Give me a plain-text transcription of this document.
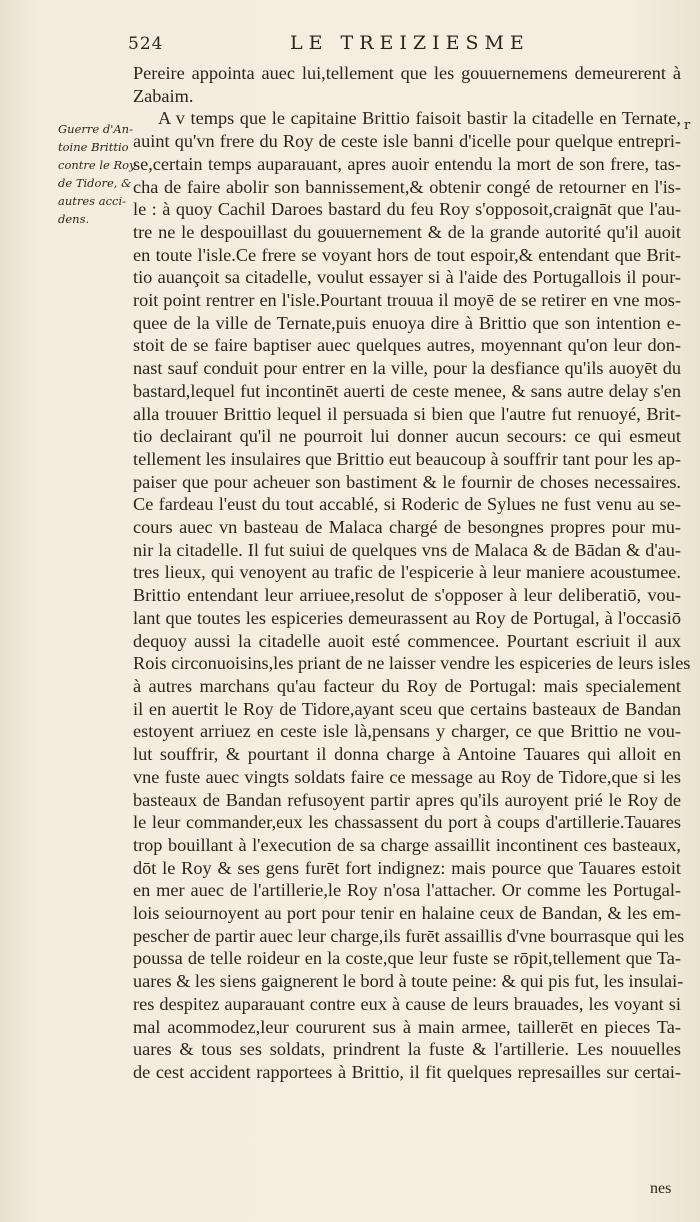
524	LE TREIZIESME
r
Guerre d'An-
toine Brittio
contre le Roy
de Tidore, &
autres acci-
dens.
Pereire appointa auec lui,tellement que les gouuernemens demeurerent à
Zabaim.
A v temps que le capitaine Brittio faisoit bastir la citadelle en Ternate,
auint qu'vn frere du Roy de ceste isle banni d'icelle pour quelque entrepri-
se,certain temps auparauant, apres auoir entendu la mort de son frere, tas-
cha de faire abolir son bannissement,& obtenir congé de retourner en l'is-
le : à quoy Cachil Daroes bastard du feu Roy s'opposoit,craignāt que l'au-
tre ne le despouillast du gouuernement & de la grande autorité qu'il auoit
en toute l'isle.Ce frere se voyant hors de tout espoir,& entendant que Brit-
tio auançoit sa citadelle, voulut essayer si à l'aide des Portugallois il pour-
roit point rentrer en l'isle.Pourtant trouua il moyē de se retirer en vne mos-
quee de la ville de Ternate,puis enuoya dire à Brittio que son intention e-
stoit de se faire baptiser auec quelques autres, moyennant qu'on leur don-
nast sauf conduit pour entrer en la ville, pour la desfiance qu'ils auoyēt du
bastard,lequel fut incontinēt auerti de ceste menee, & sans autre delay s'en
alla trouuer Brittio lequel il persuada si bien que l'autre fut renuoyé, Brit-
tio declairant qu'il ne pourroit lui donner aucun secours: ce qui esmeut
tellement les insulaires que Brittio eut beaucoup à souffrir tant pour les ap-
paiser que pour acheuer son bastiment & le fournir de choses necessaires.
Ce fardeau l'eust du tout accablé, si Roderic de Sylues ne fust venu au se-
cours auec vn basteau de Malaca chargé de besongnes propres pour mu-
nir la citadelle. Il fut suiui de quelques vns de Malaca & de Bādan & d'au-
tres lieux, qui venoyent au trafic de l'espicerie à leur maniere acoustumee.
Brittio entendant leur arriuee,resolut de s'opposer à leur deliberatiō, vou-
lant que toutes les espiceries demeurassent au Roy de Portugal, à l'occasiō
dequoy aussi la citadelle auoit esté commencee. Pourtant escriuit il aux
Rois circonuoisins,les priant de ne laisser vendre les espiceries de leurs isles
à autres marchans qu'au facteur du Roy de Portugal: mais specialement
il en auertit le Roy de Tidore,ayant sceu que certains basteaux de Bandan
estoyent arriuez en ceste isle là,pensans y charger, ce que Brittio ne vou-
lut souffrir, & pourtant il donna charge à Antoine Tauares qui alloit en
vne fuste auec vingts soldats faire ce message au Roy de Tidore,que si les
basteaux de Bandan refusoyent partir apres qu'ils auroyent prié le Roy de
le leur commander,eux les chassassent du port à coups d'artillerie.Tauares
trop bouillant à l'execution de sa charge assaillit incontinent ces basteaux,
dōt le Roy & ses gens furēt fort indignez: mais pource que Tauares estoit
en mer auec de l'artillerie,le Roy n'osa l'attacher. Or comme les Portugal-
lois seiournoyent au port pour tenir en halaine ceux de Bandan, & les em-
pescher de partir auec leur charge,ils furēt assaillis d'vne bourrasque qui les
poussa de telle roideur en la coste,que leur fuste se rōpit,tellement que Ta-
uares & les siens gaignerent le bord à toute peine: & qui pis fut, les insulai-
res despitez auparauant contre eux à cause de leurs brauades, les voyant si
mal acommodez,leur coururent sus à main armee, taillerēt en pieces Ta-
uares & tous ses soldats, prindrent la fuste & l'artillerie. Les nouuelles
de cest accident rapportees à Brittio, il fit quelques represailles sur certai-
nes
